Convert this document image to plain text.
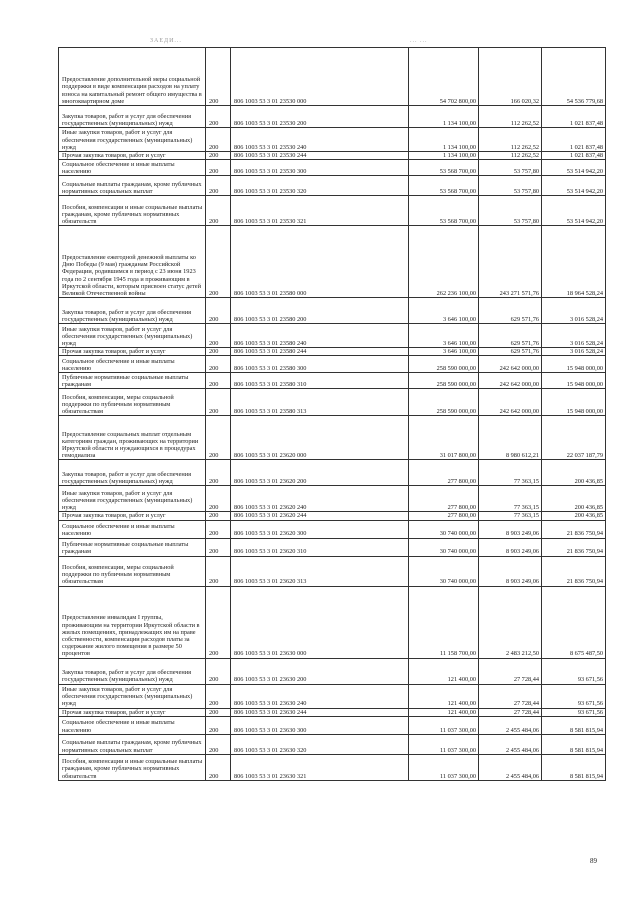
ЗАЕДИ...	... ...
Предоставление дополнительной меры социальной поддержки в виде компенсации расходов на уплату взноса на капитальный ремонт общего имущества в многоквартирном доме	200	806 1003 53 3 01 23530 000	54 702 800,00	166 020,32	54 536 779,68
Закупка товаров, работ и услуг для обеспечения государственных (муниципальных) нужд	200	806 1003 53 3 01 23530 200	1 134 100,00	112 262,52	1 021 837,48
Иные закупки товаров, работ и услуг для обеспечения государственных (муниципальных) нужд	200	806 1003 53 3 01 23530 240	1 134 100,00	112 262,52	1 021 837,48
Прочая закупка товаров, работ и услуг	200	806 1003 53 3 01 23530 244	1 134 100,00	112 262,52	1 021 837,48
Социальное обеспечение и иные выплаты населению	200	806 1003 53 3 01 23530 300	53 568 700,00	53 757,80	53 514 942,20
Социальные выплаты гражданам, кроме публичных нормативных социальных выплат	200	806 1003 53 3 01 23530 320	53 568 700,00	53 757,80	53 514 942,20
Пособия, компенсации и иные социальные выплаты гражданам, кроме публичных нормативных обязательств	200	806 1003 53 3 01 23530 321	53 568 700,00	53 757,80	53 514 942,20
Предоставление ежегодной денежной выплаты ко Дню Победы (9 мая) гражданам Российской Федерации, родившимся в период с 23 июня 1923 года по 2 сентября 1945 года и проживающим в Иркутской области, которым присвоен статус детей Великой Отечественной войны	200	806 1003 53 3 01 23580 000	262 236 100,00	243 271 571,76	18 964 528,24
Закупка товаров, работ и услуг для обеспечения государственных (муниципальных) нужд	200	806 1003 53 3 01 23580 200	3 646 100,00	629 571,76	3 016 528,24
Иные закупки товаров, работ и услуг для обеспечения государственных (муниципальных) нужд	200	806 1003 53 3 01 23580 240	3 646 100,00	629 571,76	3 016 528,24
Прочая закупка товаров, работ и услуг	200	806 1003 53 3 01 23580 244	3 646 100,00	629 571,76	3 016 528,24
Социальное обеспечение и иные выплаты населению	200	806 1003 53 3 01 23580 300	258 590 000,00	242 642 000,00	15 948 000,00
Публичные нормативные социальные выплаты гражданам	200	806 1003 53 3 01 23580 310	258 590 000,00	242 642 000,00	15 948 000,00
Пособия, компенсации, меры социальной поддержки по публичным нормативным обязательствам	200	806 1003 53 3 01 23580 313	258 590 000,00	242 642 000,00	15 948 000,00
Предоставление социальных выплат отдельным категориям граждан, проживающих на территории Иркутской области и нуждающихся в процедурах гемодиализа	200	806 1003 53 3 01 23620 000	31 017 800,00	8 980 612,21	22 037 187,79
Закупка товаров, работ и услуг для обеспечения государственных (муниципальных) нужд	200	806 1003 53 3 01 23620 200	277 800,00	77 363,15	200 436,85
Иные закупки товаров, работ и услуг для обеспечения государственных (муниципальных) нужд	200	806 1003 53 3 01 23620 240	277 800,00	77 363,15	200 436,85
Прочая закупка товаров, работ и услуг	200	806 1003 53 3 01 23620 244	277 800,00	77 363,15	200 436,85
Социальное обеспечение и иные выплаты населению	200	806 1003 53 3 01 23620 300	30 740 000,00	8 903 249,06	21 836 750,94
Публичные нормативные социальные выплаты гражданам	200	806 1003 53 3 01 23620 310	30 740 000,00	8 903 249,06	21 836 750,94
Пособия, компенсации, меры социальной поддержки по публичным нормативным обязательствам	200	806 1003 53 3 01 23620 313	30 740 000,00	8 903 249,06	21 836 750,94
Предоставление инвалидам I группы, проживающим на территории Иркутской области в жилых помещениях, принадлежащих им на праве собственности, компенсации расходов платы за содержание жилого помещения в размере 50 процентов	200	806 1003 53 3 01 23630 000	11 158 700,00	2 483 212,50	8 675 487,50
Закупка товаров, работ и услуг для обеспечения государственных (муниципальных) нужд	200	806 1003 53 3 01 23630 200	121 400,00	27 728,44	93 671,56
Иные закупки товаров, работ и услуг для обеспечения государственных (муниципальных) нужд	200	806 1003 53 3 01 23630 240	121 400,00	27 728,44	93 671,56
Прочая закупка товаров, работ и услуг	200	806 1003 53 3 01 23630 244	121 400,00	27 728,44	93 671,56
Социальное обеспечение и иные выплаты населению	200	806 1003 53 3 01 23630 300	11 037 300,00	2 455 484,06	8 581 815,94
Социальные выплаты гражданам, кроме публичных нормативных социальных выплат	200	806 1003 53 3 01 23630 320	11 037 300,00	2 455 484,06	8 581 815,94
Пособия, компенсации и иные социальные выплаты гражданам, кроме публичных нормативных обязательств	200	806 1003 53 3 01 23630 321	11 037 300,00	2 455 484,06	8 581 815,94
89
